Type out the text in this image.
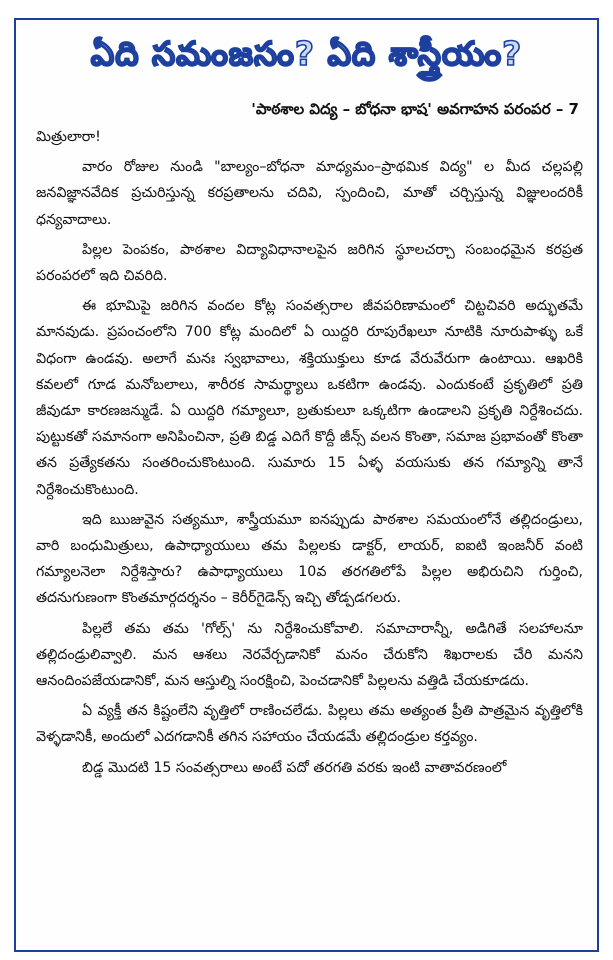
ఏది సమంజసం? ఏది శాస్త్రీయం?
'పాఠశాల విద్య – బోధనా భాష' అవగాహన పరంపర – 7

మిత్రులారా!

వారం రోజుల నుండి "బాల్యం–బోధనా మాధ్యమం–ప్రాథమిక విద్య" ల మీద చల్లపల్లి జనవిజ్ఞానవేదిక ప్రచురిస్తున్న కరప్రతాలను చదివి, స్పందించి, మాతో చర్చిస్తున్న విజ్ఞులందరికీ ధన్యవాదాలు.

పిల్లల పెంపకం, పాఠశాల విద్యావిధానాలపైన జరిగిన స్థూలచర్చా సంబంధమైన కరప్రత పరంపరలో ఇది చివరిది.

ఈ భూమిపై జరిగిన వందల కోట్ల సంవత్సరాల జీవపరిణామంలో చిట్టచివరి అద్భుతమే మానవుడు. ప్రపంచంలోని 700 కోట్ల మందిలో ఏ యిద్దరి రూపురేఖలూ నూటికి నూరుపాళ్ళు ఒకే విధంగా ఉండవు. అలాగే మనః స్వభావాలు, శక్తియుక్తులు కూడ వేరువేరుగా ఉంటాయి. ఆఖరికి కవలలో గూడ మనోబలాలు, శారీరక సామర్థ్యాలు ఒకటిగా ఉండవు. ఎందుకంటే ప్రకృతిలో ప్రతి జీవుడూ కారణజన్ముడే. ఏ యిద్దరి గమ్యాలూ, బ్రతుకులూ ఒక్కటిగా ఉండాలని ప్రకృతి నిర్దేశించదు. పుట్టుకతో సమానంగా అనిపించినా, ప్రతి బిడ్డ ఎదిగే కొద్దీ జీన్స్ వలన కొంతా, సమాజ ప్రభావంతో కొంతా తన ప్రత్యేకతను సంతరించుకొంటుంది. సుమారు 15 ఏళ్ళ వయసుకు తన గమ్యాన్ని తానే నిర్దేశించుకొంటుంది.

ఇది ఋజువైన సత్యమూ, శాస్త్రీయమూ ఐనప్పుడు పాఠశాల సమయంలోనే తల్లిదండ్రులు, వారి బంధుమిత్రులు, ఉపాధ్యాయులు తమ పిల్లలకు డాక్టర్, లాయర్, ఐఐటి ఇంజనీర్ వంటి గమ్యాలనెలా నిర్దేశిస్తారు? ఉపాధ్యాయులు 10వ తరగతిలోపే పిల్లల అభిరుచిని గుర్తించి, తదనుగుణంగా కొంతమార్గదర్శనం – కెరీర్‌గైడెన్స్ ఇచ్చి తోడ్పడగలరు.

పిల్లలే తమ తమ 'గోల్స్' ను నిర్దేశించుకోవాలి. సమాచారాన్నీ, అడిగితే సలహాలనూ తల్లిదండ్రులివ్వాలి. మన ఆశలు నెరవేర్చడానికో మనం చేరుకోని శిఖరాలకు చేరి మనని ఆనందింపజేయడానికో, మన ఆస్తుల్ని సంరక్షించి, పెంచడానికో పిల్లలను వత్తిడి చేయకూడదు.

ఏ వ్యక్తీ తన కిష్టంలేని వృత్తిలో రాణించలేడు. పిల్లలు తమ అత్యంత ప్రీతి పాత్రమైన వృత్తిలోకి వెళ్ళడానికీ, అందులో ఎదగడానికీ తగిన సహాయం చేయడమే తల్లిదండ్రుల కర్తవ్యం.

బిడ్డ మొదటి 15 సంవత్సరాలు అంటే పదో తరగతి వరకు ఇంటి వాతావరణంలో
